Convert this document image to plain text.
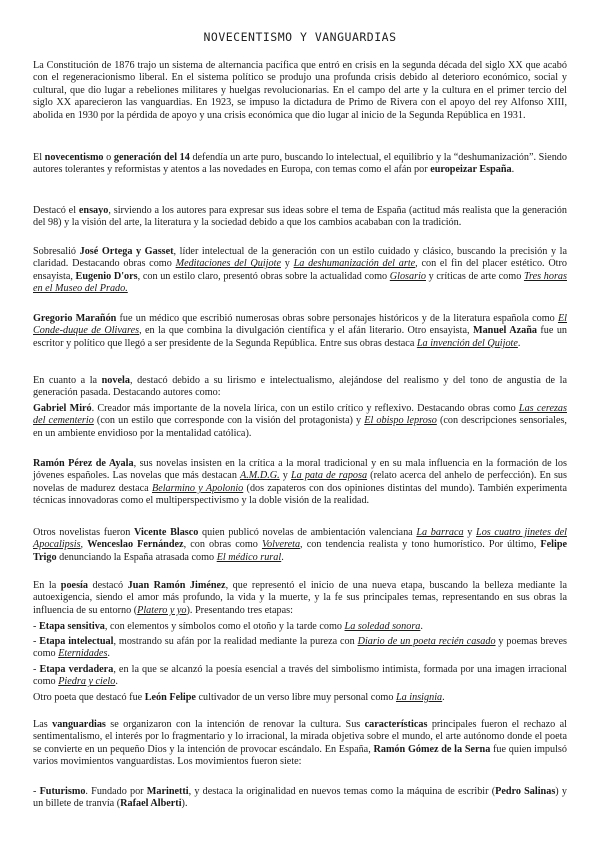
NOVECENTISMO Y VANGUARDIAS

La Constitución de 1876 trajo un sistema de alternancia pacífica que entró en crisis en la segunda década del siglo XX que acabó con el regeneracionismo liberal. En el sistema político se produjo una profunda crisis debido al deterioro económico, social y cultural, que dio lugar a rebeliones militares y huelgas revolucionarias. En el campo del arte y la cultura en el primer tercio del siglo XX aparecieron las vanguardias. En 1923, se impuso la dictadura de Primo de Rivera con el apoyo del rey Alfonso XIII, abolida en 1930 por la pérdida de apoyo y una crisis económica que dio lugar al inicio de la Segunda República en 1931.

El novecentismo o generación del 14 defendía un arte puro, buscando lo intelectual, el equilibrio y la “deshumanización”. Siendo autores tolerantes y reformistas y atentos a las novedades en Europa, con temas como el afán por europeizar España.

Destacó el ensayo, sirviendo a los autores para expresar sus ideas sobre el tema de España (actitud más realista que la generación del 98) y la visión del arte, la literatura y la sociedad debido a que los cambios acababan con la tradición.

Sobresalió José Ortega y Gasset, líder intelectual de la generación con un estilo cuidado y clásico, buscando la precisión y la claridad. Destacando obras como Meditaciones del Quijote y La deshumanización del arte, con el fin del placer estético. Otro ensayista, Eugenio D'ors, con un estilo claro, presentó obras sobre la actualidad como Glosario y críticas de arte como Tres horas en el Museo del Prado.

Gregorio Marañón fue un médico que escribió numerosas obras sobre personajes históricos y de la literatura española como El Conde-duque de Olivares, en la que combina la divulgación científica y el afán literario. Otro ensayista, Manuel Azaña fue un escritor y político que llegó a ser presidente de la Segunda República. Entre sus obras destaca La invención del Quijote.

En cuanto a la novela, destacó debido a su lirismo e intelectualismo, alejándose del realismo y del tono de angustia de la generación pasada. Destacando autores como:

Gabriel Miró. Creador más importante de la novela lírica, con un estilo crítico y reflexivo. Destacando obras como Las cerezas del cementerio (con un estilo que corresponde con la visión del protagonista) y El obispo leproso (con descripciones sensoriales, en un ambiente envidioso por la mentalidad católica).

Ramón Pérez de Ayala, sus novelas insisten en la crítica a la moral tradicional y en su mala influencia en la formación de los jóvenes españoles. Las novelas que más destacan A.M.D.G. y La pata de raposa (relato acerca del anhelo de perfección). En sus novelas de madurez destaca Belarmino y Apolonio (dos zapateros con dos opiniones distintas del mundo). También experimenta técnicas innovadoras como el multiperspectivismo y la doble visión de la realidad.

Otros novelistas fueron Vicente Blasco quien publicó novelas de ambientación valenciana La barraca y Los cuatro jinetes del Apocalipsis, Wenceslao Fernández, con obras como Volvereta, con tendencia realista y tono humorístico. Por último, Felipe Trigo denunciando la España atrasada como El médico rural.

En la poesía destacó Juan Ramón Jiménez, que representó el inicio de una nueva etapa, buscando la belleza mediante la autoexigencia, siendo el amor más profundo, la vida y la muerte, y la fe sus principales temas, representando en sus obras la influencia de su entorno (Platero y yo). Presentando tres etapas:

- Etapa sensitiva, con elementos y símbolos como el otoño y la tarde como La soledad sonora.

- Etapa intelectual, mostrando su afán por la realidad mediante la pureza con Diario de un poeta recién casado y poemas breves como Eternidades.

- Etapa verdadera, en la que se alcanzó la poesía esencial a través del simbolismo intimista, formada por una imagen irracional como Piedra y cielo.

Otro poeta que destacó fue León Felipe cultivador de un verso libre muy personal como La insignia.

Las vanguardias se organizaron con la intención de renovar la cultura. Sus características principales fueron el rechazo al sentimentalismo, el interés por lo fragmentario y lo irracional, la mirada objetiva sobre el mundo, el arte autónomo donde el poeta se convierte en un pequeño Dios y la intención de provocar escándalo. En España, Ramón Gómez de la Serna fue quien impulsó varios movimientos vanguardistas. Los movimientos fueron siete:

- Futurismo. Fundado por Marinetti, y destaca la originalidad en nuevos temas como la máquina de escribir (Pedro Salinas) y un billete de tranvía (Rafael Alberti).
